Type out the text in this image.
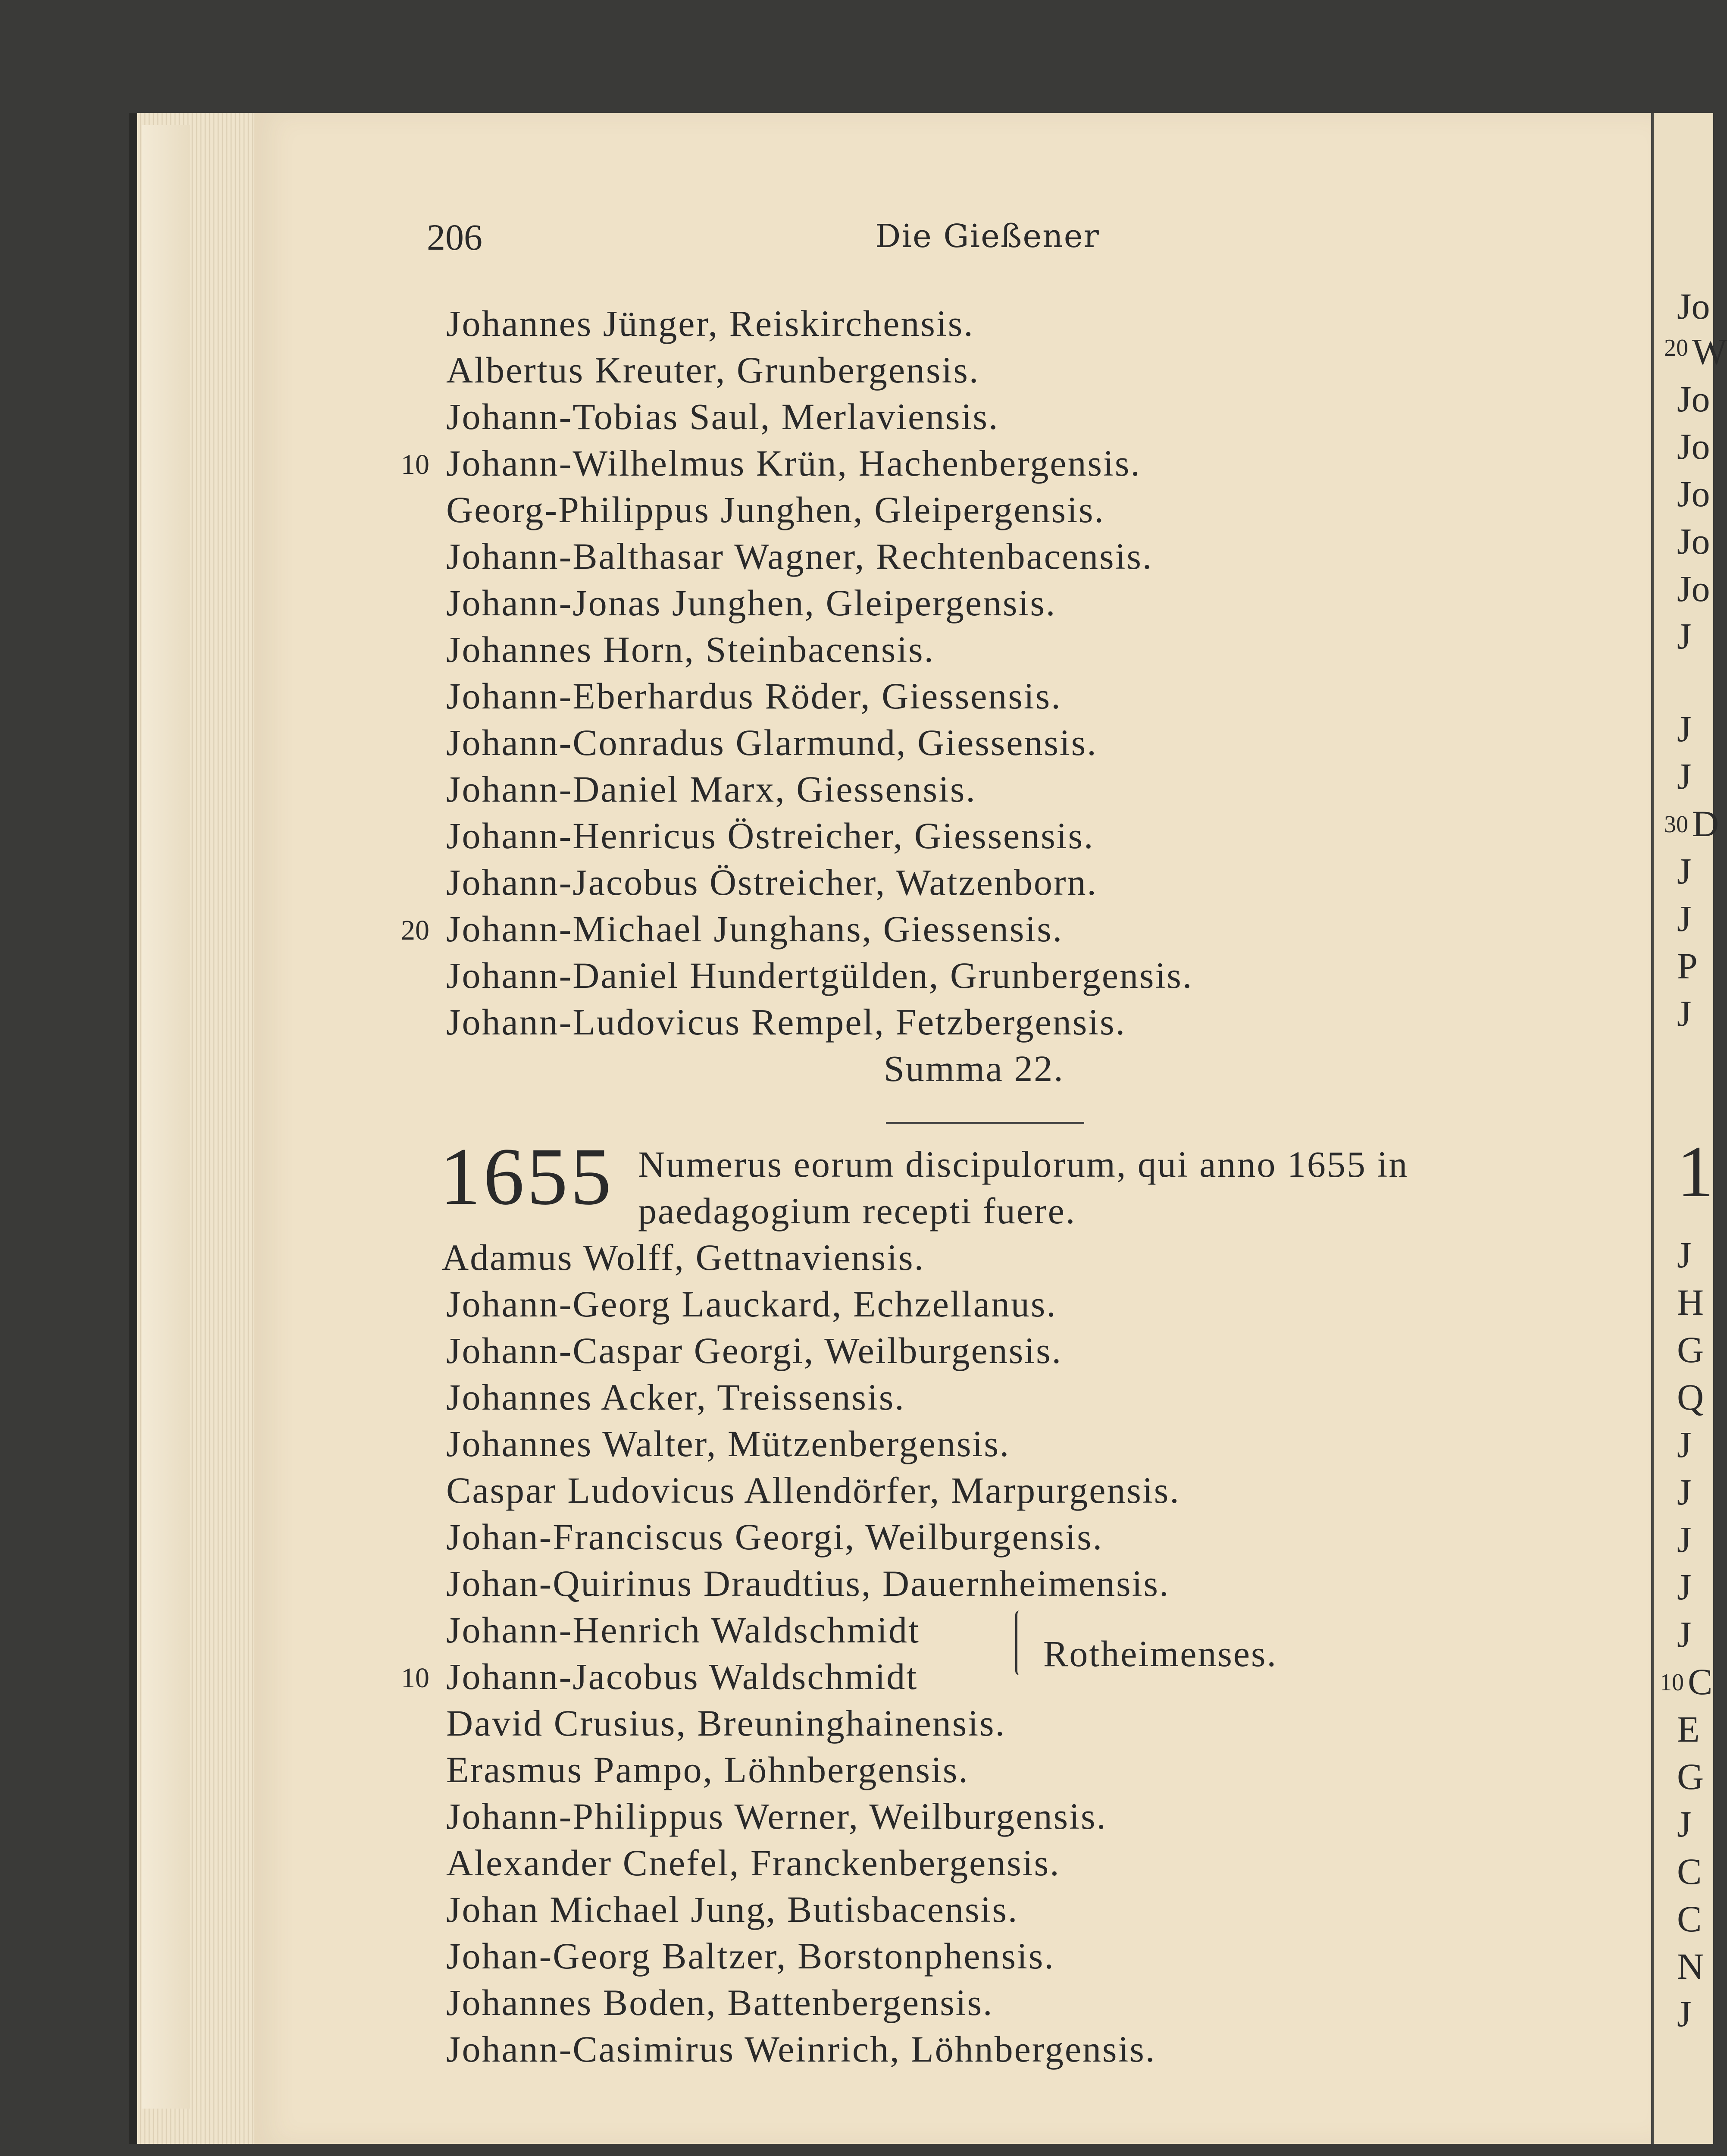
Jo
20 W
Jo
Jo
Jo
Jo
Jo
J
J
J
30 D
J
J
P
J
1
J
H
G
Q
J
J
J
J
J
10 C
E
G
J
C
C
N
J
206	Die Gießener
Johannes Jünger, Reiskirchensis.
Albertus Kreuter, Grunbergensis.
Johann-Tobias Saul, Merlaviensis.
10 Johann-Wilhelmus Krün, Hachenbergensis.
Georg-Philippus Junghen, Gleipergensis.
Johann-Balthasar Wagner, Rechtenbacensis.
Johann-Jonas Junghen, Gleipergensis.
Johannes Horn, Steinbacensis.
Johann-Eberhardus Röder, Giessensis.
Johann-Conradus Glarmund, Giessensis.
Johann-Daniel Marx, Giessensis.
Johann-Henricus Östreicher, Giessensis.
Johann-Jacobus Östreicher, Watzenborn.
20 Johann-Michael Junghans, Giessensis.
Johann-Daniel Hundertgülden, Grunbergensis.
Johann-Ludovicus Rempel, Fetzbergensis.
Summa 22.
1655 Numerus eorum discipulorum, qui anno 1655 in
paedagogium recepti fuere.
Adamus Wolff, Gettnaviensis.
Johann-Georg Lauckard, Echzellanus.
Johann-Caspar Georgi, Weilburgensis.
Johannes Acker, Treissensis.
Johannes Walter, Mützenbergensis.
Caspar Ludovicus Allendörfer, Marpurgensis.
Johan-Franciscus Georgi, Weilburgensis.
Johan-Quirinus Draudtius, Dauernheimensis.
Johann-Henrich Waldschmidt
10 Johann-Jacobus Waldschmidt
Rotheimenses.
David Crusius, Breuninghainensis.
Erasmus Pampo, Löhnbergensis.
Johann-Philippus Werner, Weilburgensis.
Alexander Cnefel, Franckenbergensis.
Johan Michael Jung, Butisbacensis.
Johan-Georg Baltzer, Borstonphensis.
Johannes Boden, Battenbergensis.
Johann-Casimirus Weinrich, Löhnbergensis.
